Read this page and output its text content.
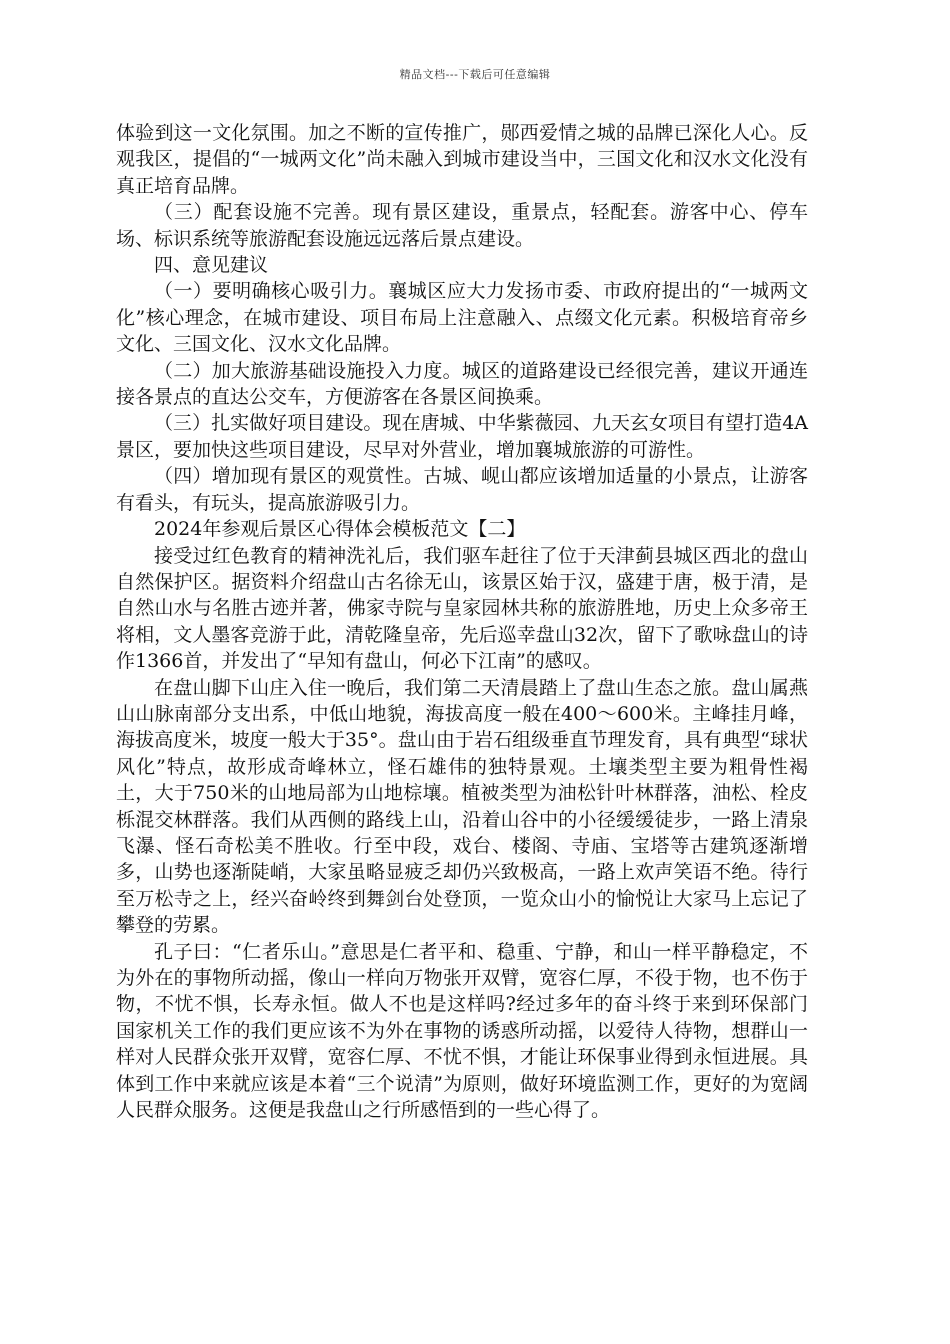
精品文档---下载后可任意编辑

体验到这一文化氛围。加之不断的宣传推广，郧西爱情之城的品牌已深化人心。反观我区，提倡的“一城两文化”尚未融入到城市建设当中，三国文化和汉水文化没有真正培育品牌。

（三）配套设施不完善。现有景区建设，重景点，轻配套。游客中心、停车场、标识系统等旅游配套设施远远落后景点建设。

四、意见建议

（一）要明确核心吸引力。襄城区应大力发扬市委、市政府提出的“一城两文化”核心理念，在城市建设、项目布局上注意融入、点缀文化元素。积极培育帝乡文化、三国文化、汉水文化品牌。

（二）加大旅游基础设施投入力度。城区的道路建设已经很完善，建议开通连接各景点的直达公交车，方便游客在各景区间换乘。

（三）扎实做好项目建设。现在唐城、中华紫薇园、九天玄女项目有望打造4A景区，要加快这些项目建设，尽早对外营业，增加襄城旅游的可游性。

（四）增加现有景区的观赏性。古城、岘山都应该增加适量的小景点，让游客有看头，有玩头，提高旅游吸引力。

2024年参观后景区心得体会模板范文【二】

接受过红色教育的精神洗礼后，我们驱车赶往了位于天津蓟县城区西北的盘山自然保护区。据资料介绍盘山古名徐无山，该景区始于汉，盛建于唐，极于清，是自然山水与名胜古迹并著，佛家寺院与皇家园林共称的旅游胜地，历史上众多帝王将相，文人墨客竞游于此，清乾隆皇帝，先后巡幸盘山32次，留下了歌咏盘山的诗作1366首，并发出了“早知有盘山，何必下江南”的感叹。

在盘山脚下山庄入住一晚后，我们第二天清晨踏上了盘山生态之旅。盘山属燕山山脉南部分支出系，中低山地貌，海拔高度一般在400～600米。主峰挂月峰，海拔高度米，坡度一般大于35°。盘山由于岩石组级垂直节理发育，具有典型“球状风化”特点，故形成奇峰林立，怪石雄伟的独特景观。土壤类型主要为粗骨性褐土，大于750米的山地局部为山地棕壤。植被类型为油松针叶林群落，油松、栓皮栎混交林群落。我们从西侧的路线上山，沿着山谷中的小径缓缓徒步，一路上清泉飞瀑、怪石奇松美不胜收。行至中段，戏台、楼阁、寺庙、宝塔等古建筑逐渐增多，山势也逐渐陡峭，大家虽略显疲乏却仍兴致极高，一路上欢声笑语不绝。待行至万松寺之上，经兴奋岭终到舞剑台处登顶，一览众山小的愉悦让大家马上忘记了攀登的劳累。

孔子曰：“仁者乐山。”意思是仁者平和、稳重、宁静，和山一样平静稳定，不为外在的事物所动摇，像山一样向万物张开双臂，宽容仁厚，不役于物，也不伤于物，不忧不惧，长寿永恒。做人不也是这样吗?经过多年的奋斗终于来到环保部门国家机关工作的我们更应该不为外在事物的诱惑所动摇，以爱待人待物，想群山一样对人民群众张开双臂，宽容仁厚、不忧不惧，才能让环保事业得到永恒进展。具体到工作中来就应该是本着“三个说清”为原则，做好环境监测工作，更好的为宽阔人民群众服务。这便是我盘山之行所感悟到的一些心得了。
